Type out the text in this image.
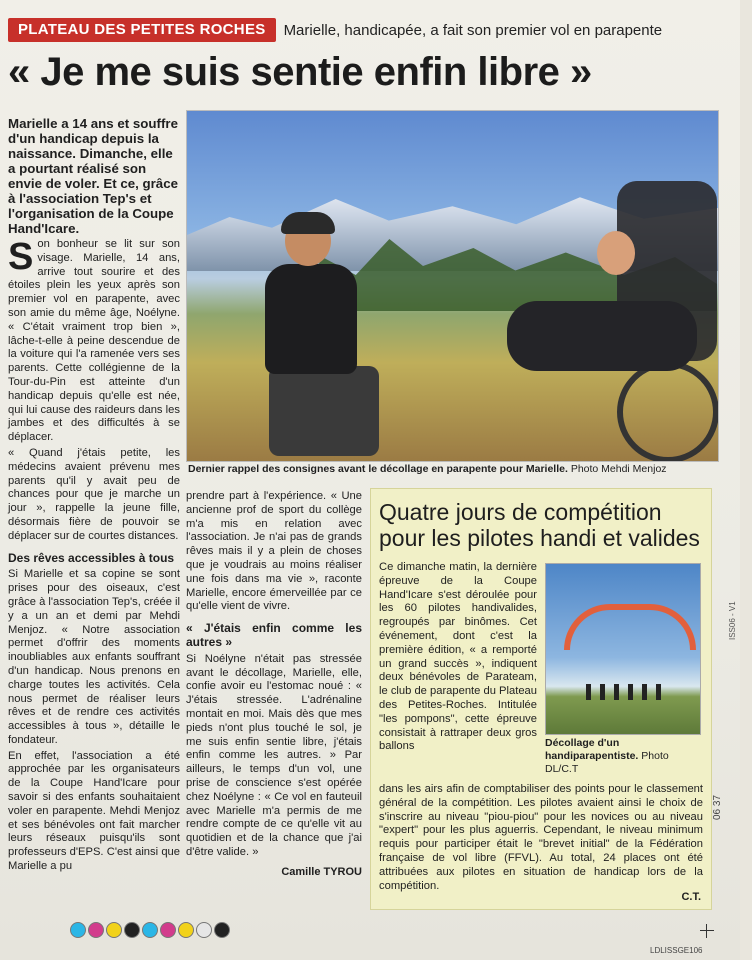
PLATEAU DES PETITES ROCHES	Marielle, handicapée, a fait son premier vol en parapente
« Je me suis sentie enfin libre »

Marielle a 14 ans et souffre d'un handicap depuis la naissance. Dimanche, elle a pourtant réalisé son envie de voler. Et ce, grâce à l'association Tep's et l'organisation de la Coupe Hand'Icare.

Son bonheur se lit sur son visage. Marielle, 14 ans, arrive tout sourire et des étoiles plein les yeux après son premier vol en parapente, avec son amie du même âge, Noélyne. « C'était vraiment trop bien », lâche-t-elle à peine descendue de la voiture qui l'a ramenée vers ses parents. Cette collégienne de la Tour-du-Pin est atteinte d'un handicap depuis qu'elle est née, qui lui cause des raideurs dans les jambes et des difficultés à se déplacer.

« Quand j'étais petite, les médecins avaient prévenu mes parents qu'il y avait peu de chances pour que je marche un jour », rappelle la jeune fille, désormais fière de pouvoir se déplacer sur de courtes distances.

Des rêves accessibles à tous

Si Marielle et sa copine se sont prises pour des oiseaux, c'est grâce à l'association Tep's, créée il y a un an et demi par Mehdi Menjoz. « Notre association permet d'offrir des moments inoubliables aux enfants souffrant d'un handicap. Nous prenons en charge toutes les activités. Cela nous permet de réaliser leurs rêves et de rendre ces activités accessibles à tous », détaille le fondateur.

En effet, l'association a été approchée par les organisateurs de la Coupe Hand'Icare pour savoir si des enfants souhaitaient voler en parapente. Mehdi Menjoz et ses bénévoles ont fait marcher leurs réseaux puisqu'ils sont professeurs d'EPS. C'est ainsi que Marielle a pu

Dernier rappel des consignes avant le décollage en parapente pour Marielle. Photo Mehdi Menjoz

prendre part à l'expérience. « Une ancienne prof de sport du collège m'a mis en relation avec l'association. Je n'ai pas de grands rêves mais il y a plein de choses que je voudrais au moins réaliser une fois dans ma vie », raconte Marielle, encore émerveillée par ce qu'elle vient de vivre.

« J'étais enfin comme les autres »

Si Noélyne n'était pas stressée avant le décollage, Marielle, elle, confie avoir eu l'estomac noué : « J'étais stressée. L'adrénaline montait en moi. Mais dès que mes pieds n'ont plus touché le sol, je me suis enfin sentie libre, j'étais enfin comme les autres. » Par ailleurs, le temps d'un vol, une prise de conscience s'est opérée chez Noélyne : « Ce vol en fauteuil avec Marielle m'a permis de me rendre compte de ce qu'elle vit au quotidien et de la chance que j'ai d'être valide. »

Camille TYROU
Quatre jours de compétition pour les pilotes handi et valides
Ce dimanche matin, la dernière épreuve de la Coupe Hand'Icare s'est déroulée pour les 60 pilotes handivalides, regroupés par binômes. Cet événement, dont c'est la première édition, « a remporté un grand succès », indiquent deux bénévoles de Parateam, le club de parapente du Plateau des Petites-Roches. Intitulée "les pompons", cette épreuve consistait à rattraper deux gros ballons	Décollage d'un handiparapentiste. Photo DL/C.T
dans les airs afin de comptabiliser des points pour le classement général de la compétition. Les pilotes avaient ainsi le choix de s'inscrire au niveau "piou-piou" pour les novices ou au niveau "expert" pour les plus aguerris. Cependant, le niveau minimum requis pour participer était le "brevet initial" de la Fédération française de vol libre (FFVL). Au total, 24 places ont été attribuées aux pilotes en situation de handicap lors de la compétition.
C.T.
ISS06 - V1
06 37
LDLISSGE106
